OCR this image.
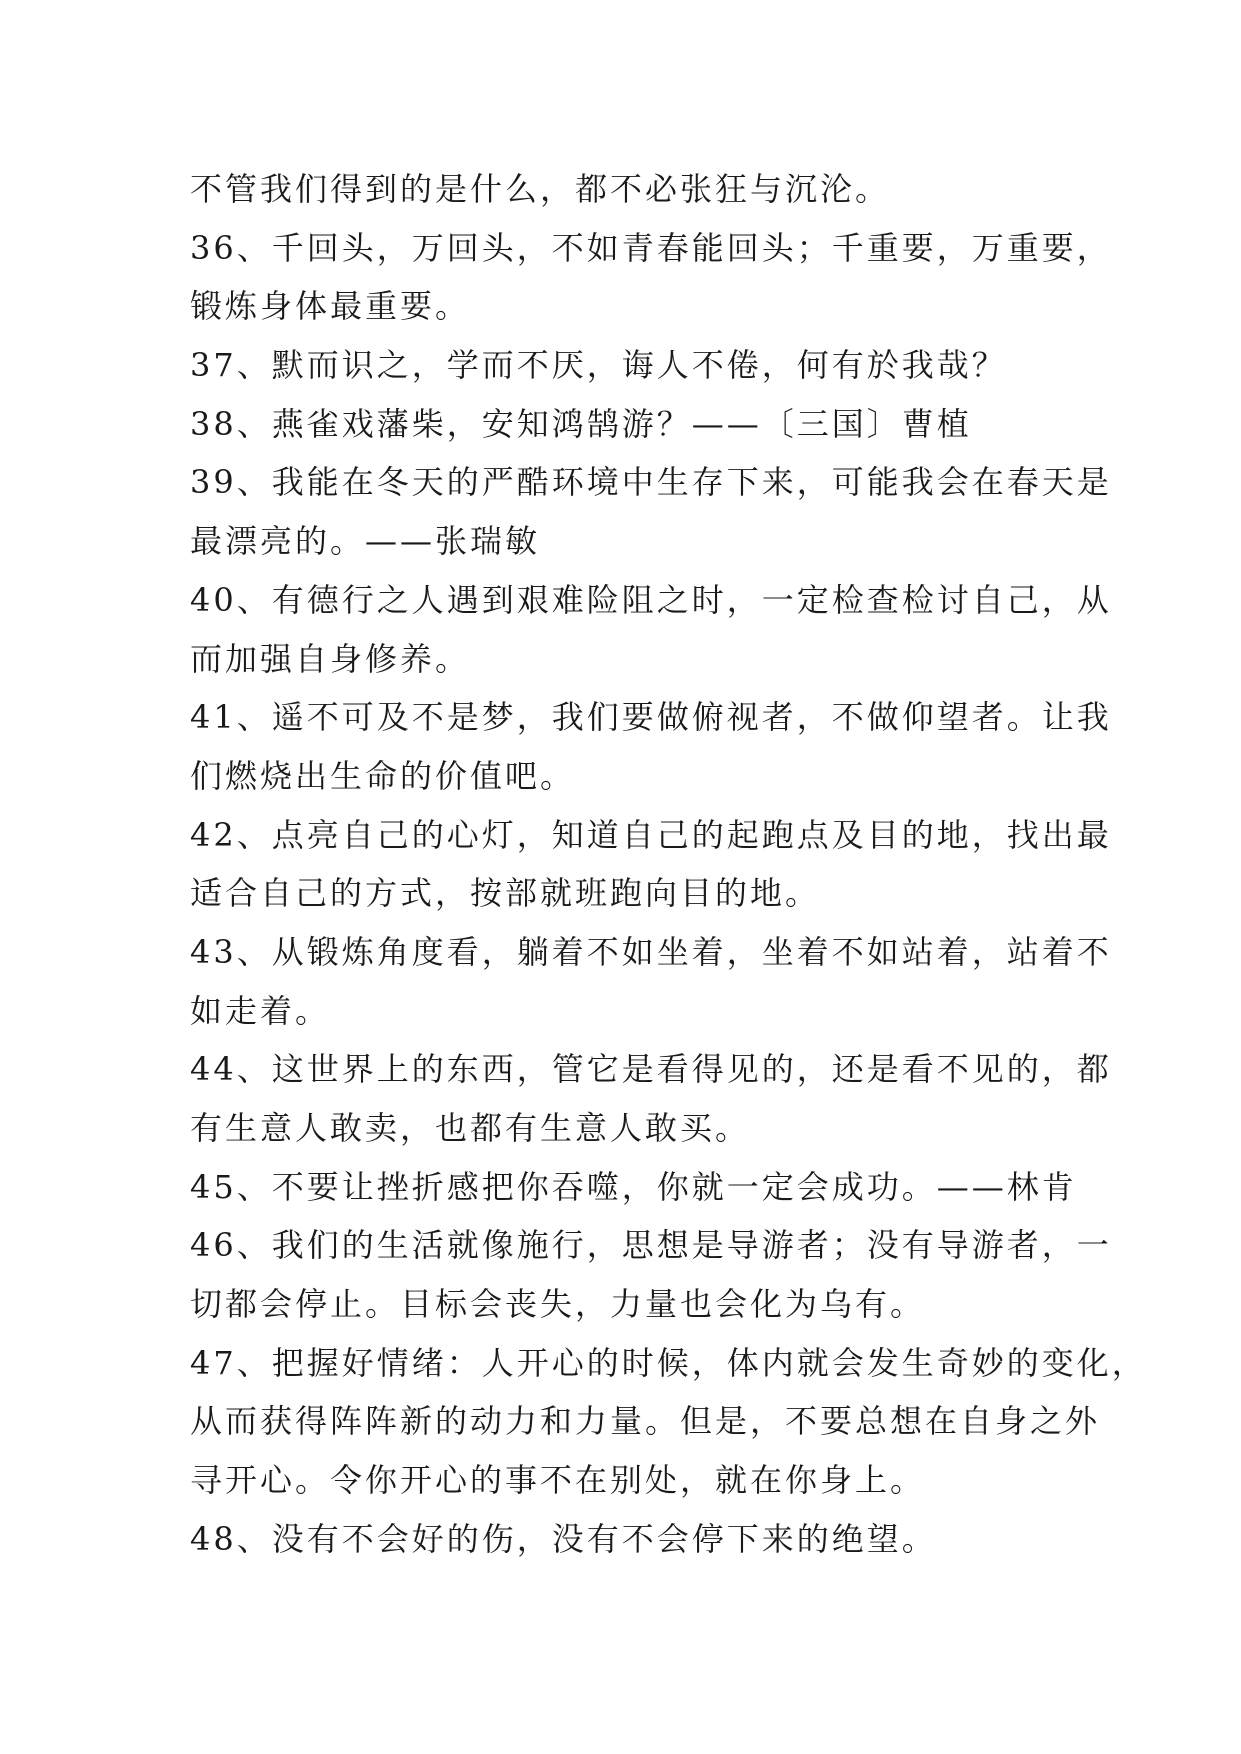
不管我们得到的是什么，都不必张狂与沉沦。
36、千回头，万回头，不如青春能回头；千重要，万重要，
锻炼身体最重要。
37、默而识之，学而不厌，诲人不倦，何有於我哉？
38、燕雀戏藩柴，安知鸿鹄游？——〔三国〕曹植
39、我能在冬天的严酷环境中生存下来，可能我会在春天是
最漂亮的。——张瑞敏
40、有德行之人遇到艰难险阻之时，一定检查检讨自己，从
而加强自身修养。
41、遥不可及不是梦，我们要做俯视者，不做仰望者。让我
们燃烧出生命的价值吧。
42、点亮自己的心灯，知道自己的起跑点及目的地，找出最
适合自己的方式，按部就班跑向目的地。
43、从锻炼角度看，躺着不如坐着，坐着不如站着，站着不
如走着。
44、这世界上的东西，管它是看得见的，还是看不见的，都
有生意人敢卖，也都有生意人敢买。
45、不要让挫折感把你吞噬，你就一定会成功。——林肯
46、我们的生活就像施行，思想是导游者；没有导游者，一
切都会停止。目标会丧失，力量也会化为乌有。
47、把握好情绪：人开心的时候，体内就会发生奇妙的变化，
从而获得阵阵新的动力和力量。但是，不要总想在自身之外
寻开心。令你开心的事不在别处，就在你身上。
48、没有不会好的伤，没有不会停下来的绝望。
